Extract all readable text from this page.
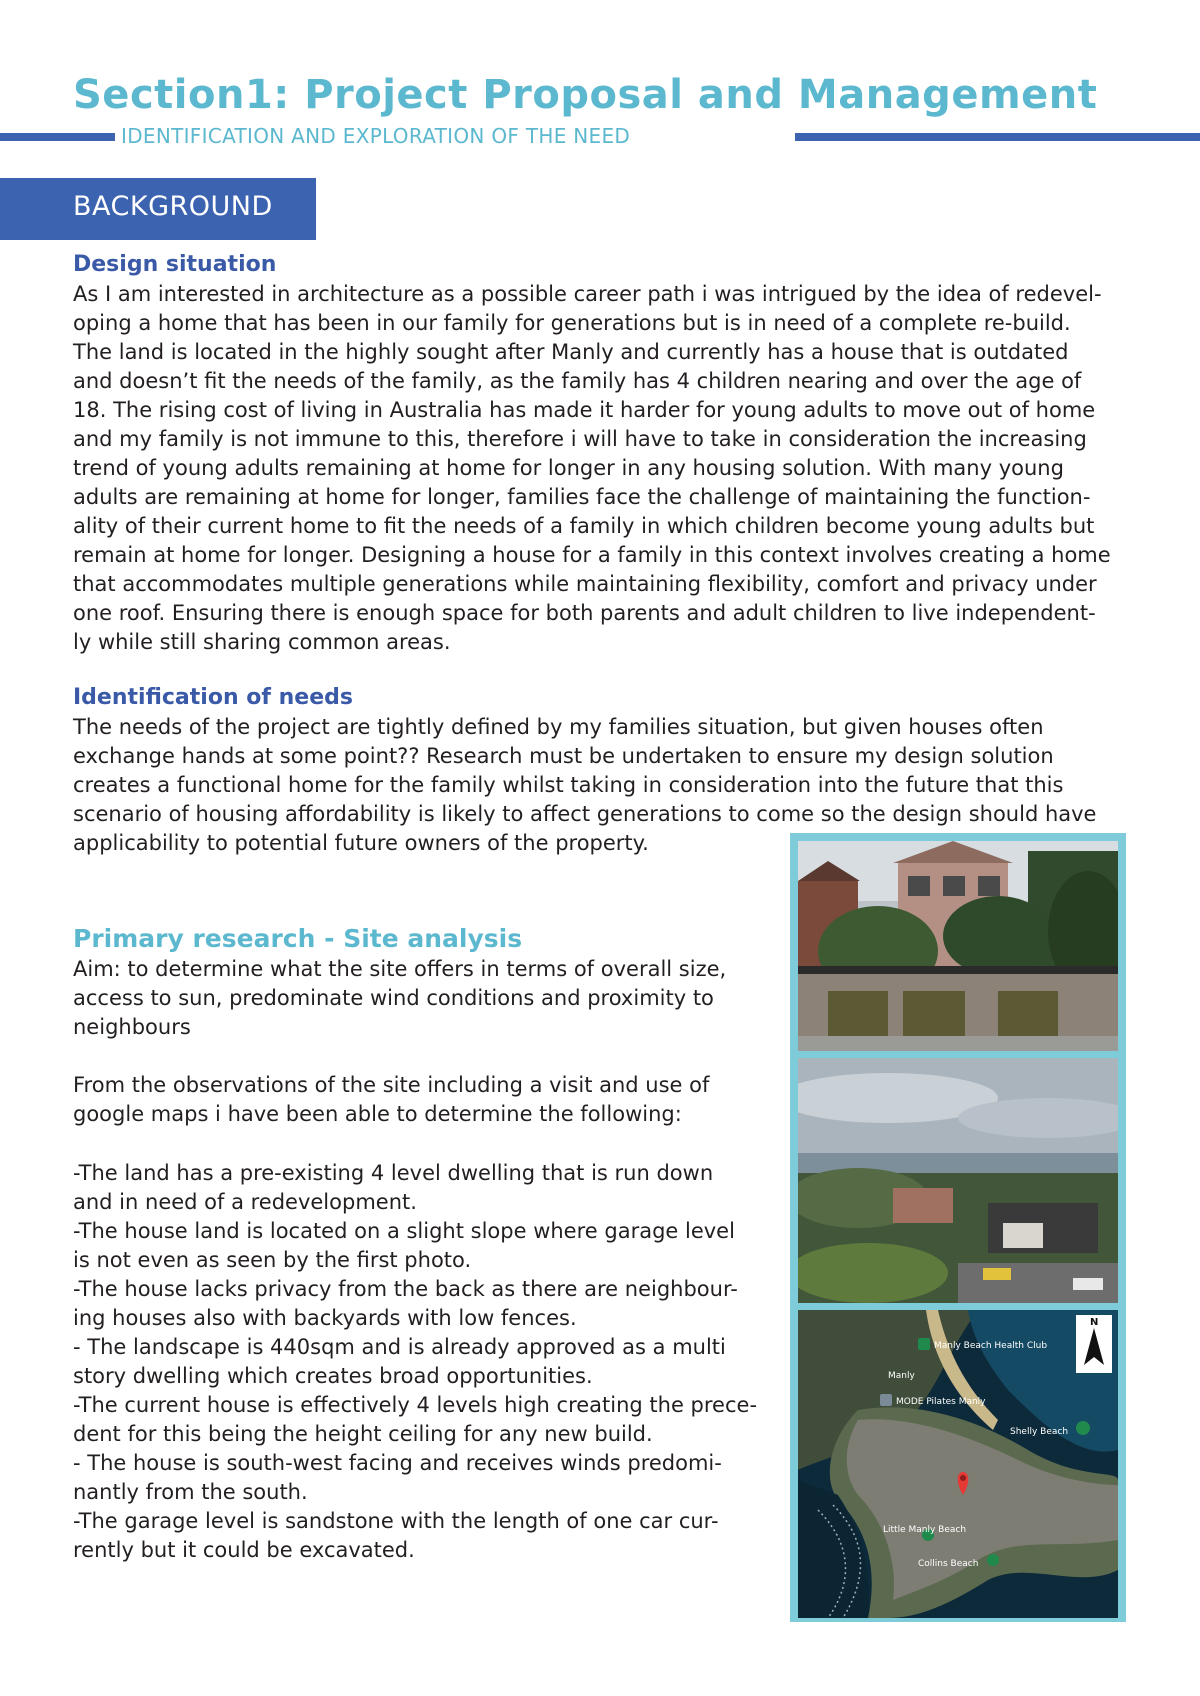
Section1: Project Proposal and Management
IDENTIFICATION AND EXPLORATION OF THE NEED
BACKGROUND
Design situation
As I am interested in architecture as a possible career path i was intrigued by the idea of redevel-
oping a home that has been in our family for generations but is in need of a complete re-build.
The land is located in the highly sought after Manly and currently has a house that is outdated
and doesn’t fit the needs of the family, as the family has 4 children nearing and over the age of
18. The rising cost of living in Australia has made it harder for young adults to move out of home
and my family is not immune to this, therefore i will have to take in consideration the increasing
trend of young adults remaining at home for longer in any housing solution. With many young
adults are remaining at home for longer, families face the challenge of maintaining the function-
ality of their current home to fit the needs of a family in which children become young adults but
remain at home for longer. Designing a house for a family in this context involves creating a home
that accommodates multiple generations while maintaining flexibility, comfort and privacy under
one roof. Ensuring there is enough space for both parents and adult children to live independent-
ly while still sharing common areas.
Identification of needs
The needs of the project are tightly defined by my families situation, but given houses often
exchange hands at some point?? Research must be undertaken to ensure my design solution
creates a functional home for the family whilst taking in consideration into the future that this
scenario of housing affordability is likely to affect generations to come so the design should have
applicability to potential future owners of the property.
Primary research - Site analysis
Aim: to determine what the site offers in terms of overall size,
access to sun, predominate wind conditions and proximity to
neighbours
From the observations of the site including a visit and use of
google maps i have been able to determine the following:
-The land has a pre-existing 4 level dwelling that is run down
and in need of a redevelopment.
-The house land is located on a slight slope where garage level
is not even as seen by the first photo.
-The house lacks privacy from the back as there are neighbour-
ing houses also with backyards with low fences.
- The landscape is 440sqm and is already approved as a multi
story dwelling which creates broad opportunities.
-The current house is effectively 4 levels high creating the prece-
dent for this being the height ceiling for any new build.
- The house is south-west facing and receives winds predomi-
nantly from the south.
-The garage level is sandstone with the length of one car cur-
rently but it could be excavated.
N
Manly Beach Health Club
Manly
MODE Pilates Manly
Shelly Beach
Little Manly Beach
Collins Beach
